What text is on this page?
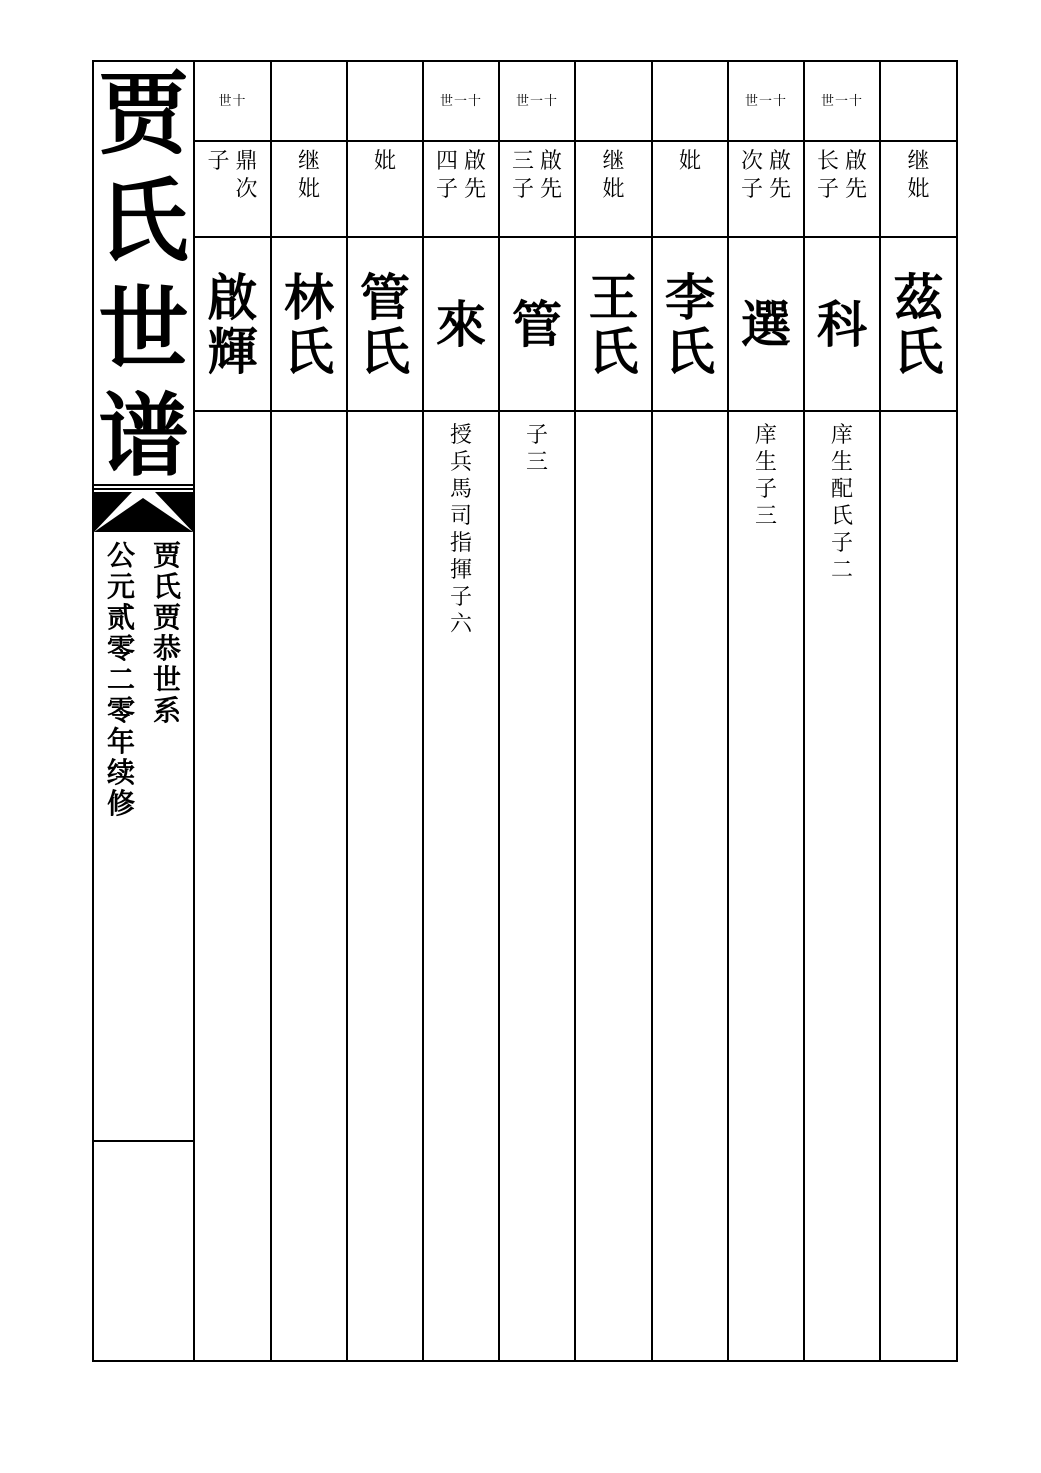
贾
氏
世
谱
贾氏贾恭世系
公元贰零二零年续修
世十
鼎次
子
啟
輝
继妣
林
氏
妣
管
氏
世一十
啟先
四子
來
授兵馬司指揮子六
世一十
啟先
三子
管
子三
继妣
王
氏
妣
李
氏
世一十
啟先
次子
選
庠生  子三
世一十
啟先
长子
科
庠生配 氏子二
继妣
茲
氏
